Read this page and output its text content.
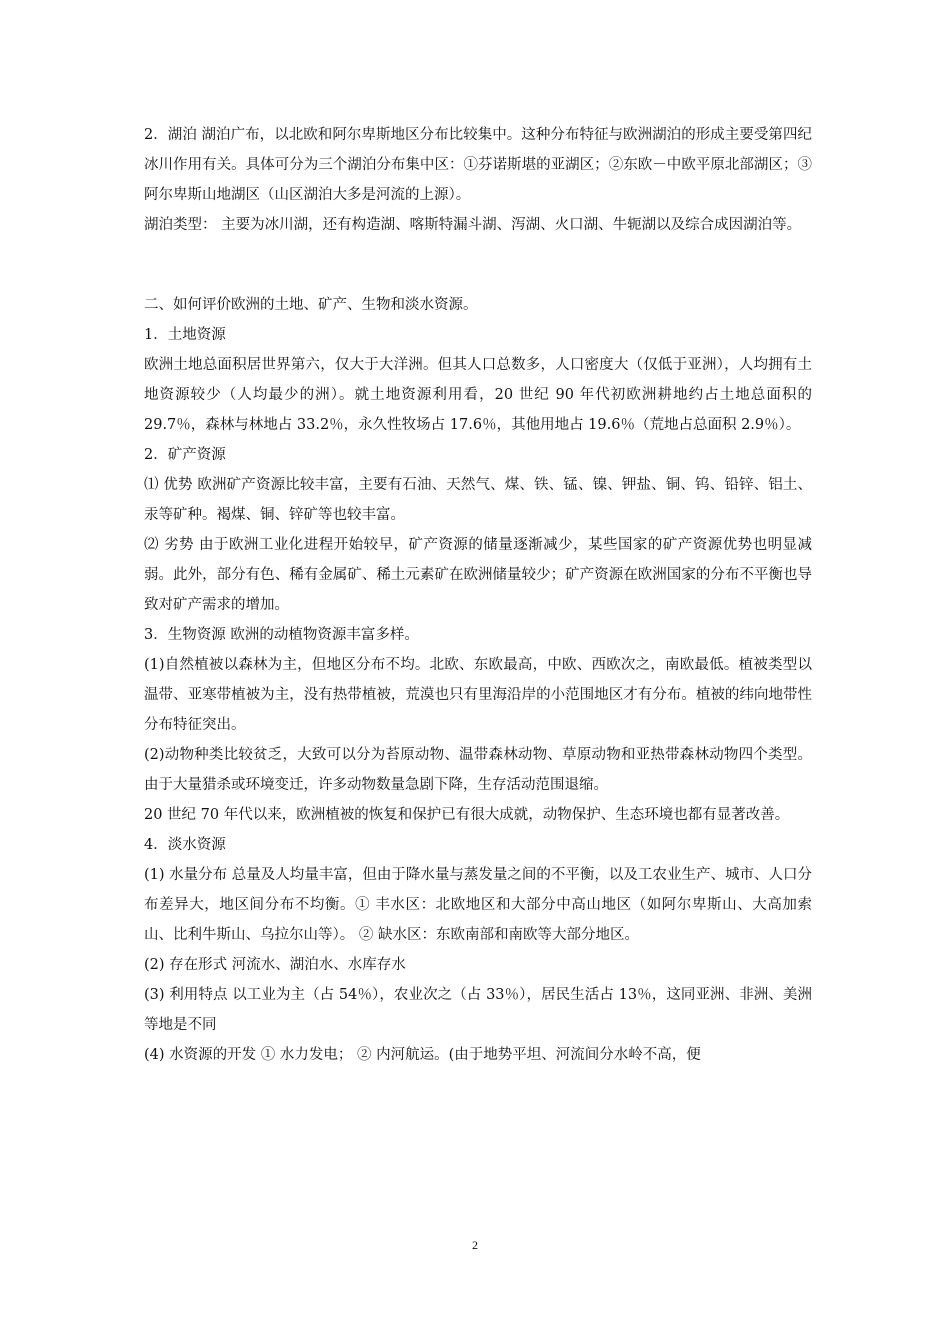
2．湖泊 湖泊广布，以北欧和阿尔卑斯地区分布比较集中。这种分布特征与欧洲湖泊的形成主要受第四纪冰川作用有关。具体可分为三个湖泊分布集中区：①芬诺斯堪的亚湖区；②东欧－中欧平原北部湖区；③阿尔卑斯山地湖区（山区湖泊大多是河流的上源）。

湖泊类型： 主要为冰川湖，还有构造湖、喀斯特漏斗湖、泻湖、火口湖、牛轭湖以及综合成因湖泊等。

二、如何评价欧洲的土地、矿产、生物和淡水资源。

1．土地资源

欧洲土地总面积居世界第六，仅大于大洋洲。但其人口总数多，人口密度大（仅低于亚洲），人均拥有土地资源较少（人均最少的洲）。就土地资源利用看，20 世纪 90 年代初欧洲耕地约占土地总面积的 29.7％，森林与林地占 33.2％，永久性牧场占 17.6％，其他用地占 19.6％（荒地占总面积 2.9％）。

2．矿产资源

⑴ 优势 欧洲矿产资源比较丰富，主要有石油、天然气、煤、铁、锰、镍、钾盐、铜、钨、铅锌、铝土、汞等矿种。褐煤、铜、锌矿等也较丰富。

⑵ 劣势 由于欧洲工业化进程开始较早，矿产资源的储量逐渐减少，某些国家的矿产资源优势也明显减弱。此外，部分有色、稀有金属矿、稀土元素矿在欧洲储量较少；矿产资源在欧洲国家的分布不平衡也导致对矿产需求的增加。

3．生物资源 欧洲的动植物资源丰富多样。

(1)自然植被以森林为主，但地区分布不均。北欧、东欧最高，中欧、西欧次之，南欧最低。植被类型以温带、亚寒带植被为主，没有热带植被，荒漠也只有里海沿岸的小范围地区才有分布。植被的纬向地带性分布特征突出。

(2)动物种类比较贫乏，大致可以分为苔原动物、温带森林动物、草原动物和亚热带森林动物四个类型。由于大量猎杀或环境变迁，许多动物数量急剧下降，生存活动范围退缩。

20 世纪 70 年代以来，欧洲植被的恢复和保护已有很大成就，动物保护、生态环境也都有显著改善。

4．淡水资源

(1) 水量分布 总量及人均量丰富，但由于降水量与蒸发量之间的不平衡，以及工农业生产、城市、人口分布差异大，地区间分布不均衡。① 丰水区：北欧地区和大部分中高山地区（如阿尔卑斯山、大高加索山、比利牛斯山、乌拉尔山等）。 ② 缺水区：东欧南部和南欧等大部分地区。

(2) 存在形式 河流水、湖泊水、水库存水

(3) 利用特点 以工业为主（占 54％），农业次之（占 33％），居民生活占 13％，这同亚洲、非洲、美洲等地是不同

(4) 水资源的开发 ① 水力发电； ② 内河航运。(由于地势平坦、河流间分水岭不高，便

2
